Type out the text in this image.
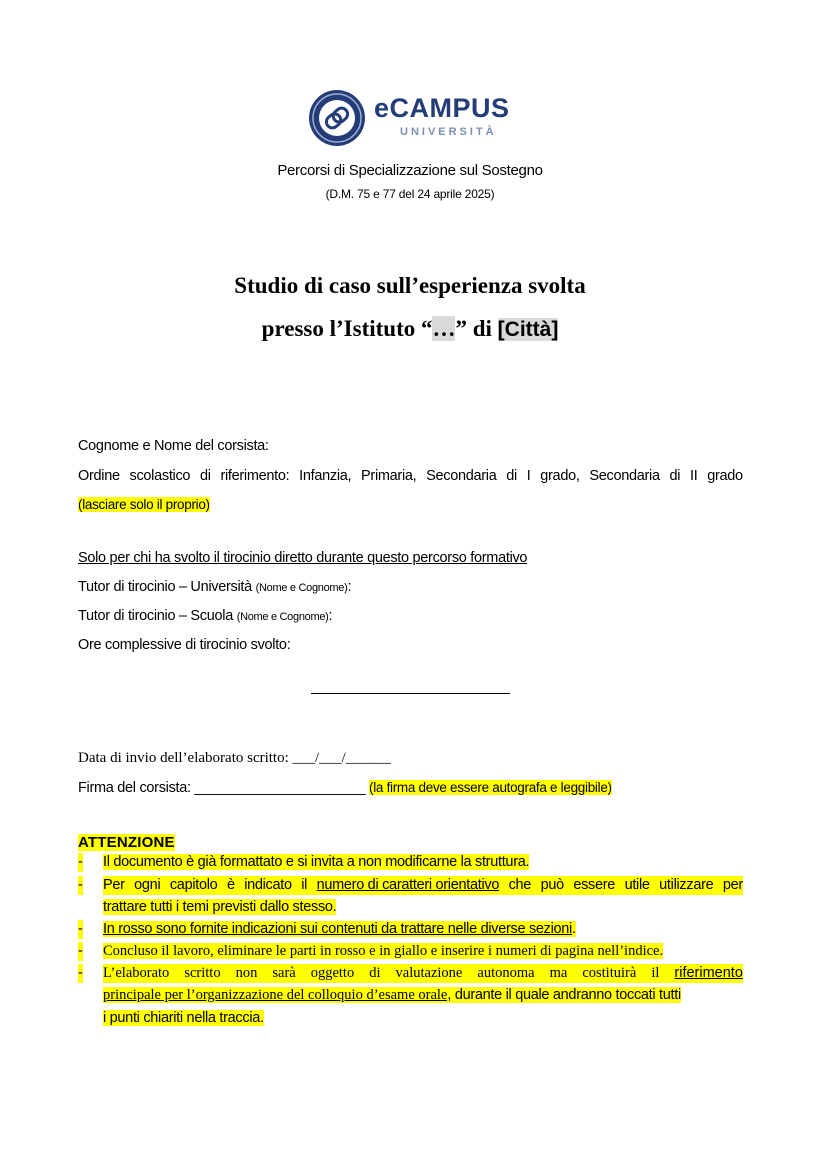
eCAMPUS
UNIVERSITÀ
Percorsi di Specializzazione sul Sostegno
(D.M. 75 e 77 del 24 aprile 2025)
Studio di caso sull’esperienza svolta
presso l’Istituto “…” di [Città]
Cognome e Nome del corsista:
Ordine scolastico di riferimento: Infanzia, Primaria, Secondaria di I grado, Secondaria di II grado
(lasciare solo il proprio)
Solo per chi ha svolto il tirocinio diretto durante questo percorso formativo
Tutor di tirocinio – Università (Nome e Cognome):
Tutor di tirocinio – Scuola (Nome e Cognome):
Ore complessive di tirocinio svolto:
Data di invio dell’elaborato scritto: ___/___/______
Firma del corsista: ______________________ (la firma deve essere autografa e leggibile)
ATTENZIONE
- Il documento è già formattato e si invita a non modificarne la struttura.
- Per ogni capitolo è indicato il numero di caratteri orientativo che può essere utile utilizzare per
trattare tutti i temi previsti dallo stesso.
- In rosso sono fornite indicazioni sui contenuti da trattare nelle diverse sezioni.
- Concluso il lavoro, eliminare le parti in rosso e in giallo e inserire i numeri di pagina nell’indice.
- L’elaborato scritto non sarà oggetto di valutazione autonoma ma costituirà il riferimento
principale per l’organizzazione del colloquio d’esame orale, durante il quale andranno toccati tutti
i punti chiariti nella traccia.
